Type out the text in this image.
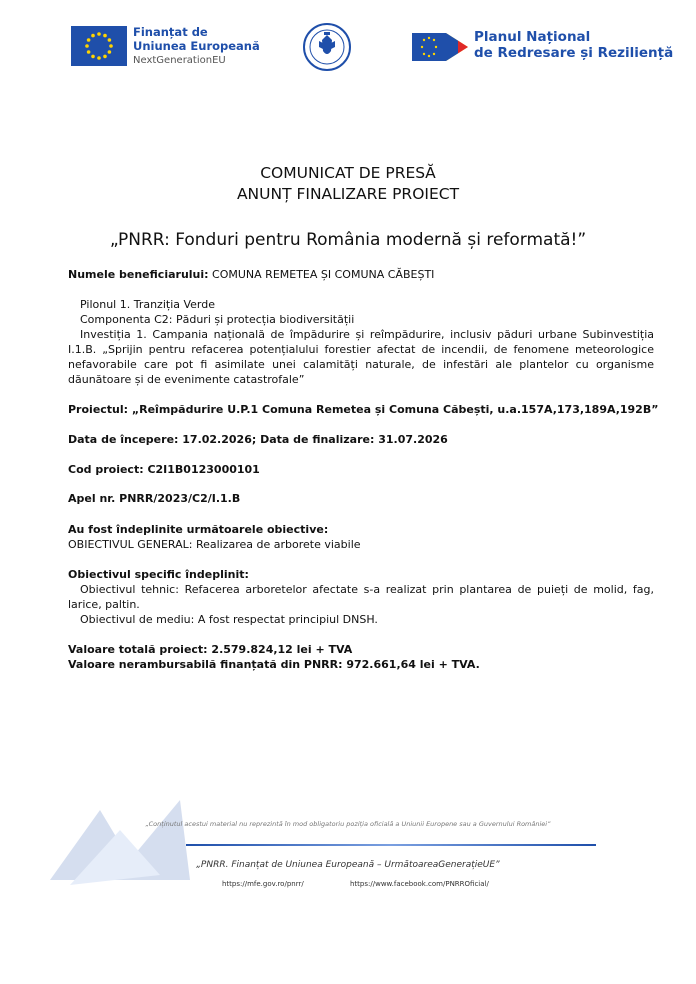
Finanțat de
Uniunea Europeană
NextGenerationEU
Planul Național
de Redresare și Reziliență
COMUNICAT DE PRESĂ
ANUNȚ FINALIZARE PROIECT
„PNRR: Fonduri pentru România modernă și reformată!”
Numele beneficiarului: COMUNA REMETEA ȘI COMUNA CĂBEȘTI
Pilonul 1. Tranziția Verde
Componenta C2: Păduri și protecția biodiversității
Investiția 1. Campania națională de împădurire și reîmpădurire, inclusiv păduri urbane Subinvestiția I.1.B. „Sprijin pentru refacerea potențialului forestier afectat de incendii, de fenomene meteorologice nefavorabile care pot fi asimilate unei calamități naturale, de infestări ale plantelor cu organisme dăunătoare și de evenimente catastrofale”
Proiectul: „Reîmpădurire U.P.1 Comuna Remetea și Comuna Căbești, u.a.157A,173,189A,192B”
Data de începere: 17.02.2026; Data de finalizare: 31.07.2026
Cod proiect: C2I1B0123000101
Apel nr. PNRR/2023/C2/I.1.B
Au fost îndeplinite următoarele obiective:
OBIECTIVUL GENERAL: Realizarea de arborete viabile
Obiectivul specific îndeplinit:
Obiectivul tehnic: Refacerea arboretelor afectate s-a realizat prin plantarea de puieți de molid, fag, larice, paltin.
Obiectivul de mediu: A fost respectat principiul DNSH.
Valoare totală proiect: 2.579.824,12 lei + TVA
Valoare nerambursabilă finanțată din PNRR: 972.661,64 lei + TVA.
„Conținutul acestui material nu reprezintă în mod obligatoriu poziția oficială a Uniunii Europene sau a Guvernului României”
„PNRR. Finanțat de Uniunea Europeană – UrmătoareaGenerațieUE”
https://mfe.gov.ro/pnrr/	https://www.facebook.com/PNRROficial/
